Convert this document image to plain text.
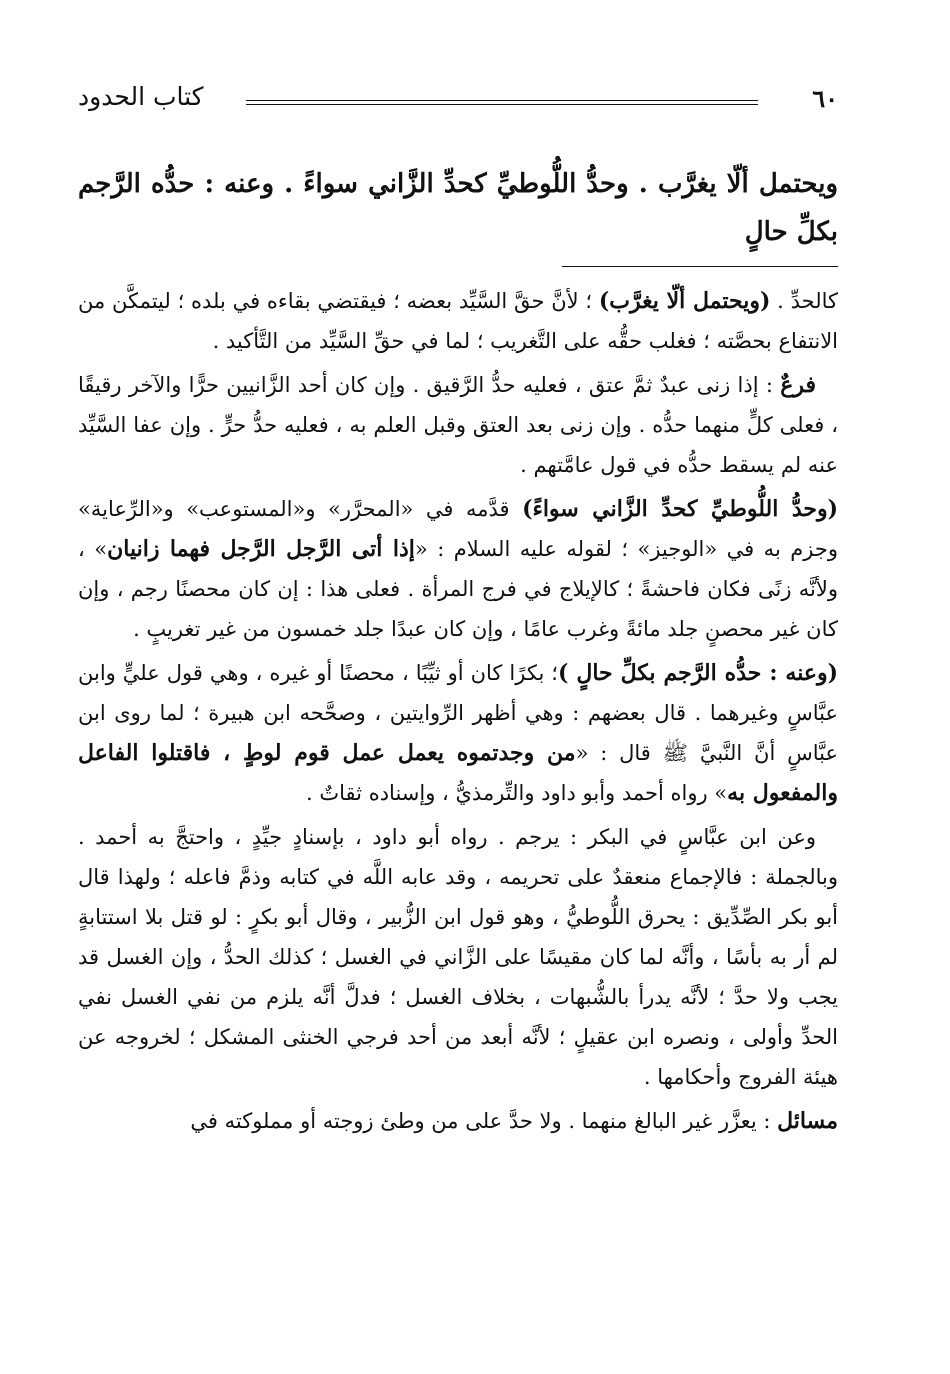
٦٠
كتاب الحدود
ويحتمل ألّا يغرَّب . وحدُّ اللُّوطيِّ كحدِّ الزَّاني سواءً . وعنه : حدُّه الرَّجم بكلِّ حالٍ

كالحدِّ . (ويحتمل ألّا يغرَّب) ؛ لأنَّ حقَّ السَّيِّد بعضه ؛ فيقتضي بقاءه في بلده ؛ ليتمكَّن من الانتفاع بحصَّته ؛ فغلب حقُّه على التَّغريب ؛ لما في حقِّ السَّيِّد من التَّأكيد .

فرعٌ : إذا زنى عبدٌ ثمَّ عتق ، فعليه حدُّ الرَّقيق . وإن كان أحد الزَّانيين حرًّا والآخر رقيقًا ، فعلى كلٍّ منهما حدُّه . وإن زنى بعد العتق وقبل العلم به ، فعليه حدُّ حرٍّ . وإن عفا السَّيِّد عنه لم يسقط حدُّه في قول عامَّتهم .

(وحدُّ اللُّوطيِّ كحدِّ الزَّاني سواءً) قدَّمه في «المحرَّر» و«المستوعب» و«الرِّعاية» وجزم به في «الوجيز» ؛ لقوله عليه السلام : «إذا أتى الرَّجل الرَّجل فهما زانيان» ، ولأنَّه زنًى فكان فاحشةً ؛ كالإيلاج في فرج المرأة . فعلى هذا : إن كان محصنًا رجم ، وإن كان غير محصنٍ جلد مائةً وغرب عامًا ، وإن كان عبدًا جلد خمسون من غير تغريبٍ .

(وعنه : حدُّه الرَّجم بكلِّ حالٍ )؛ بكرًا كان أو ثيِّبًا ، محصنًا أو غيره ، وهي قول عليٍّ وابن عبَّاسٍ وغيرهما . قال بعضهم : وهي أظهر الرِّوايتين ، وصحَّحه ابن هبيرة ؛ لما روى ابن عبَّاسٍ أنَّ النَّبيَّ ﷺ قال : «من وجدتموه يعمل عمل قوم لوطٍ ، فاقتلوا الفاعل والمفعول به» رواه أحمد وأبو داود والتِّرمذيُّ ، وإسناده ثقاتٌ .

وعن ابن عبَّاسٍ في البكر : يرجم . رواه أبو داود ، بإسنادٍ جيِّدٍ ، واحتجَّ به أحمد . وبالجملة : فالإجماع منعقدٌ على تحريمه ، وقد عابه اللَّه في كتابه وذمَّ فاعله ؛ ولهذا قال أبو بكر الصِّدِّيق : يحرق اللُّوطيُّ ، وهو قول ابن الزُّبير ، وقال أبو بكرٍ : لو قتل بلا استتابةٍ لم أر به بأسًا ، وأنَّه لما كان مقيسًا على الزَّاني في الغسل ؛ كذلك الحدُّ ، وإن الغسل قد يجب ولا حدَّ ؛ لأنَّه يدرأ بالشُّبهات ، بخلاف الغسل ؛ فدلَّ أنَّه يلزم من نفي الغسل نفي الحدِّ وأولى ، ونصره ابن عقيلٍ ؛ لأنَّه أبعد من أحد فرجي الخنثى المشكل ؛ لخروجه عن هيئة الفروج وأحكامها .

مسائل : يعزَّر غير البالغ منهما . ولا حدَّ على من وطئ زوجته أو مملوكته في
